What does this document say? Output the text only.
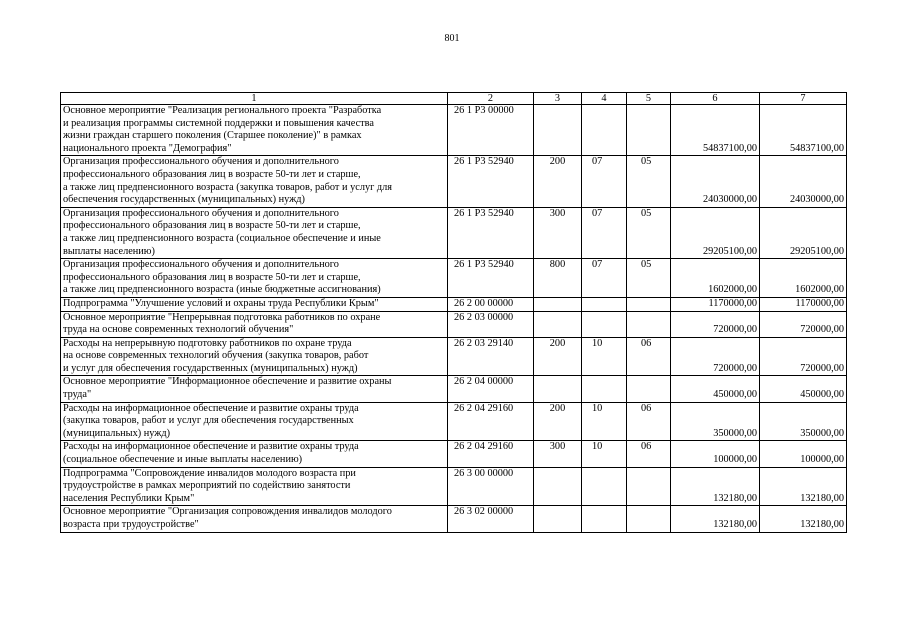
801
1	2	3	4	5	6	7

Основное мероприятие "Реализация регионального проекта "Разработка
и реализация программы системной поддержки и повышения качества
жизни граждан старшего поколения (Старшее поколение)" в рамках
национального проекта "Демография"	26 1 Р3 00000				54837100,00	54837100,00

Организация профессионального обучения и дополнительного
профессионального образования лиц в возрасте 50-ти лет и старше,
а также лиц предпенсионного возраста (закупка товаров, работ и услуг для
обеспечения государственных (муниципальных) нужд)	26 1 Р3 52940	200	07	05	24030000,00	24030000,00

Организация профессионального обучения и дополнительного
профессионального образования лиц в возрасте 50-ти лет и старше,
а также лиц предпенсионного возраста (социальное обеспечение и иные
выплаты населению)	26 1 Р3 52940	300	07	05	29205100,00	29205100,00

Организация профессионального обучения и дополнительного
профессионального образования лиц в возрасте 50-ти лет и старше,
а также лиц предпенсионного возраста (иные бюджетные ассигнования)	26 1 Р3 52940	800	07	05	1602000,00	1602000,00

Подпрограмма "Улучшение условий и охраны труда Республики Крым"	26 2 00 00000				1170000,00	1170000,00

Основное мероприятие "Непрерывная подготовка работников по охране
труда на основе современных технологий обучения"	26 2 03 00000				720000,00	720000,00

Расходы на непрерывную подготовку работников по охране труда
на основе современных технологий обучения (закупка товаров, работ
и услуг для обеспечения государственных (муниципальных) нужд)	26 2 03 29140	200	10	06	720000,00	720000,00

Основное мероприятие "Информационное обеспечение и развитие охраны
труда"	26 2 04 00000				450000,00	450000,00

Расходы на информационное обеспечение и развитие охраны труда
(закупка товаров, работ и услуг для обеспечения государственных
(муниципальных) нужд)	26 2 04 29160	200	10	06	350000,00	350000,00

Расходы на информационное обеспечение и развитие охраны труда
(социальное обеспечение и иные выплаты населению)	26 2 04 29160	300	10	06	100000,00	100000,00

Подпрограмма "Сопровождение инвалидов молодого возраста при
трудоустройстве в рамках мероприятий по содействию занятости
населения Республики Крым"	26 3 00 00000				132180,00	132180,00

Основное мероприятие "Организация сопровождения инвалидов молодого
возраста при трудоустройстве"	26 3 02 00000				132180,00	132180,00
